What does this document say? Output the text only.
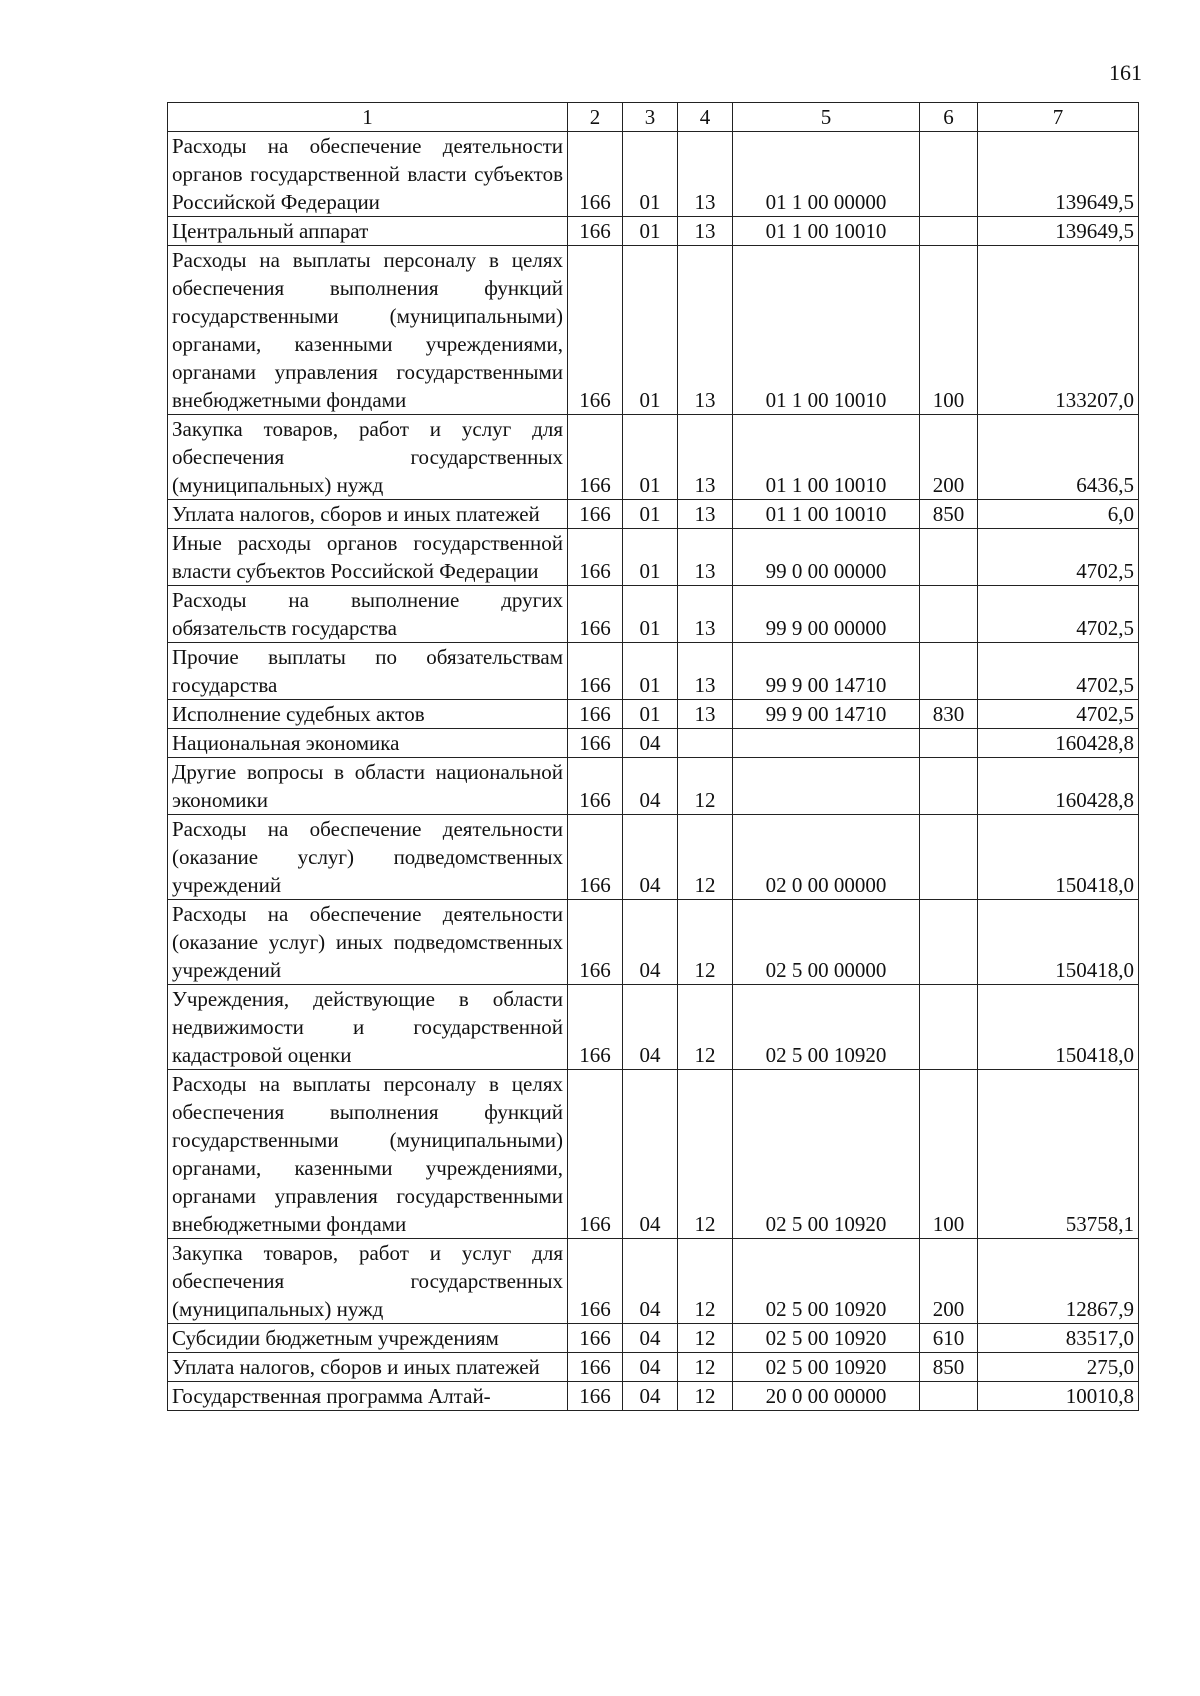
161
1	2	3	4	5	6	7
Расходы на обеспечение деятельности органов государственной власти субъектов Российской Федерации	166	01	13	01 1 00 00000		139649,5
Центральный аппарат	166	01	13	01 1 00 10010		139649,5
Расходы на выплаты персоналу в целях обеспечения выполнения функций государственными (муниципальными) органами, казенными учреждениями, органами управления государственными внебюджетными фондами	166	01	13	01 1 00 10010	100	133207,0
Закупка товаров, работ и услуг для обеспечения государственных (муниципальных) нужд	166	01	13	01 1 00 10010	200	6436,5
Уплата налогов, сборов и иных платежей	166	01	13	01 1 00 10010	850	6,0
Иные расходы органов государственной власти субъектов Российской Федерации	166	01	13	99 0 00 00000		4702,5
Расходы на выполнение других обязательств государства	166	01	13	99 9 00 00000		4702,5
Прочие выплаты по обязательствам государства	166	01	13	99 9 00 14710		4702,5
Исполнение судебных актов	166	01	13	99 9 00 14710	830	4702,5
Национальная экономика	166	04				160428,8
Другие вопросы в области национальной экономики	166	04	12			160428,8
Расходы на обеспечение деятельности (оказание услуг) подведомственных учреждений	166	04	12	02 0 00 00000		150418,0
Расходы на обеспечение деятельности (оказание услуг) иных подведомственных учреждений	166	04	12	02 5 00 00000		150418,0
Учреждения, действующие в области недвижимости и государственной кадастровой оценки	166	04	12	02 5 00 10920		150418,0
Расходы на выплаты персоналу в целях обеспечения выполнения функций государственными (муниципальными) органами, казенными учреждениями, органами управления государственными внебюджетными фондами	166	04	12	02 5 00 10920	100	53758,1
Закупка товаров, работ и услуг для обеспечения государственных (муниципальных) нужд	166	04	12	02 5 00 10920	200	12867,9
Субсидии бюджетным учреждениям	166	04	12	02 5 00 10920	610	83517,0
Уплата налогов, сборов и иных платежей	166	04	12	02 5 00 10920	850	275,0
Государственная программа Алтай-	166	04	12	20 0 00 00000		10010,8
